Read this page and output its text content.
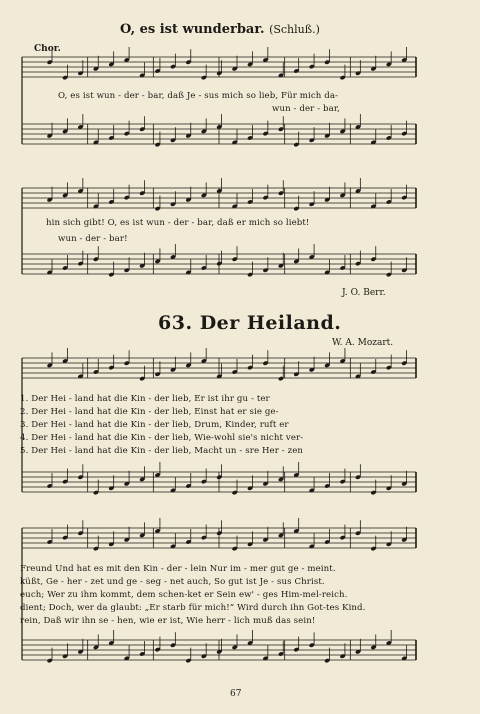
O, es ist wunderbar. (Schluß.)
Chor.
O, es ist wun - der - bar, daß Je - sus mich so lieb, Für mich da-
wun - der - bar,
hin sich gibt! O, es ist wun - der - bar, daß er mich so liebt!
wun - der - bar!
J. O. Berr.
63. Der Heiland.
W. A. Mozart.
1. Der Hei - land hat die Kin - der lieb, Er ist ihr gu - ter
2. Der Hei - land hat die Kin - der lieb, Einst hat er sie ge-
3. Der Hei - land hat die Kin - der lieb, Drum, Kinder, ruft er
4. Der Hei - land hat die Kin - der lieb, Wie-wohl sie's nicht ver-
5. Der Hei - land hat die Kin - der lieb, Macht un - sre Her - zen
Freund Und hat es mit den Kin - der - lein Nur im - mer gut ge - meint.
küßt, Ge - her - zet und ge - seg - net auch, So gut ist Je - sus Christ.
euch; Wer zu ihm kommt, dem schen-ket er Sein ew' - ges Him-mel-reich.
dient; Doch, wer da glaubt: „Er starb für mich!“ Wird durch ihn Got-tes Kind.
rein, Daß wir ihn se - hen, wie er ist, Wie herr - lich muß das sein!
67
